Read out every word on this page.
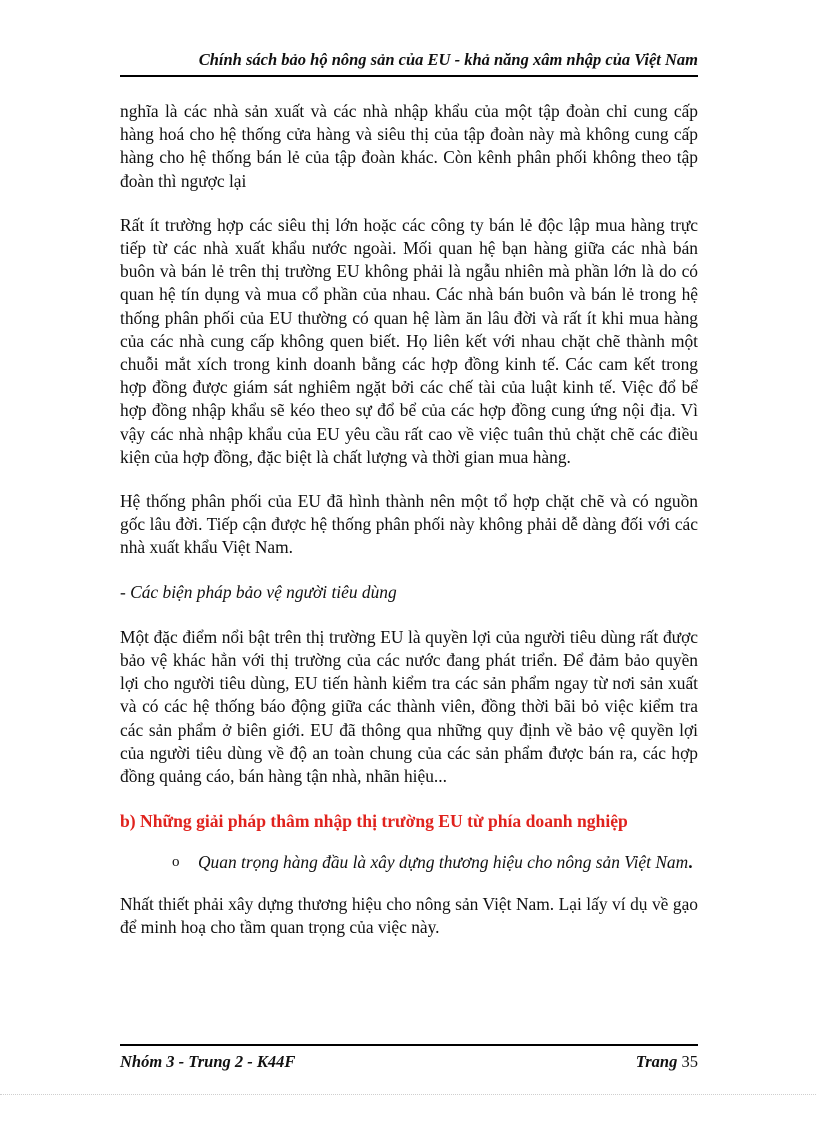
Chính sách bảo hộ nông sản của EU - khả năng xâm nhập của Việt Nam

nghĩa là các nhà sản xuất và các nhà nhập khẩu của một tập đoàn chỉ cung cấp hàng hoá cho hệ thống cửa hàng và siêu thị của tập đoàn này mà không cung cấp hàng cho hệ thống bán lẻ của tập đoàn khác. Còn kênh phân phối không theo tập đoàn thì ngược lại

Rất ít trường hợp các siêu thị lớn hoặc các công ty bán lẻ độc lập mua hàng trực tiếp từ các nhà xuất khẩu nước ngoài. Mối quan hệ bạn hàng giữa các nhà bán buôn và bán lẻ trên thị trường EU không phải là ngẫu nhiên mà phần lớn là do có quan hệ tín dụng và mua cổ phần của nhau. Các nhà bán buôn và bán lẻ trong hệ thống phân phối của EU thường có quan hệ làm ăn lâu đời và rất ít khi mua hàng của các nhà cung cấp không quen biết. Họ liên kết với nhau chặt chẽ thành một chuỗi mắt xích trong kinh doanh bằng các hợp đồng kinh tế. Các cam kết trong hợp đồng được giám sát nghiêm ngặt bởi các chế tài của luật kinh tế. Việc đổ bể hợp đồng nhập khẩu sẽ kéo theo sự đổ bể của các hợp đồng cung ứng nội địa. Vì vậy các nhà nhập khẩu của EU yêu cầu rất cao về việc tuân thủ chặt chẽ các điều kiện của hợp đồng, đặc biệt là chất lượng và thời gian mua hàng.

Hệ thống phân phối của EU đã hình thành nên một tổ hợp chặt chẽ và có nguồn gốc lâu đời. Tiếp cận được hệ thống phân phối này không phải dễ dàng đối với các nhà xuất khẩu Việt Nam.

- Các biện pháp bảo vệ người tiêu dùng

Một đặc điểm nổi bật trên thị trường EU là quyền lợi của người tiêu dùng rất được bảo vệ khác hẳn với thị trường của các nước đang phát triển. Để đảm bảo quyền lợi cho người tiêu dùng, EU tiến hành kiểm tra các sản phẩm ngay từ nơi sản xuất và có các hệ thống báo động giữa các thành viên, đồng thời bãi bỏ việc kiểm tra các sản phẩm ở biên giới. EU đã thông qua những quy định về bảo vệ quyền lợi của người tiêu dùng về độ an toàn chung của các sản phẩm được bán ra, các hợp đồng quảng cáo, bán hàng tận nhà, nhãn hiệu...

b) Những giải pháp thâm nhập thị trường EU từ phía doanh nghiệp

o	Quan trọng hàng đầu là xây dựng thương hiệu cho nông sản Việt Nam.

Nhất thiết phải xây dựng thương hiệu cho nông sản Việt Nam. Lại lấy ví dụ về gạo để minh hoạ cho tầm quan trọng của việc này.

Nhóm 3 - Trung 2 - K44F	Trang 35
